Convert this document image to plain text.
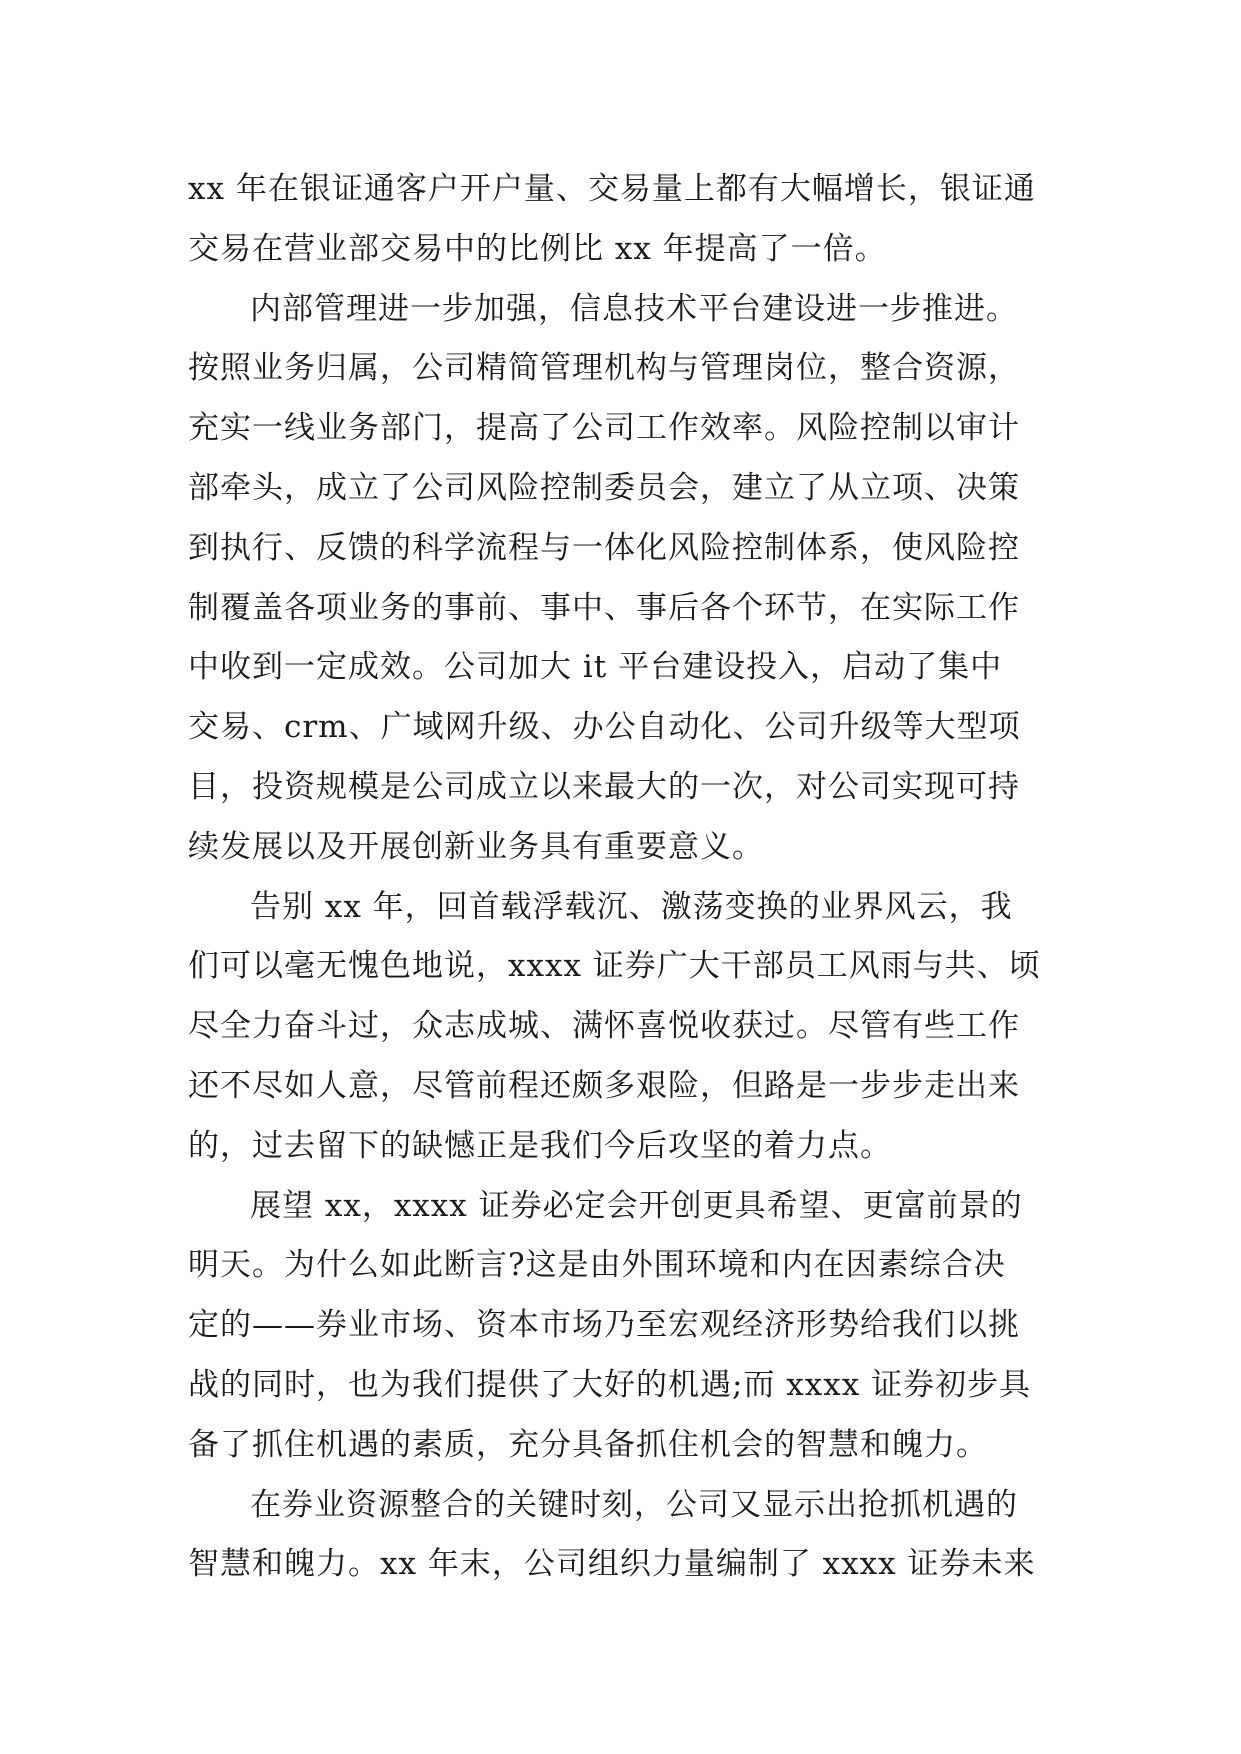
xx 年在银证通客户开户量、交易量上都有大幅增长，银证通
交易在营业部交易中的比例比 xx 年提高了一倍。
内部管理进一步加强，信息技术平台建设进一步推进。
按照业务归属，公司精简管理机构与管理岗位，整合资源，
充实一线业务部门，提高了公司工作效率。风险控制以审计
部牵头，成立了公司风险控制委员会，建立了从立项、决策
到执行、反馈的科学流程与一体化风险控制体系，使风险控
制覆盖各项业务的事前、事中、事后各个环节，在实际工作
中收到一定成效。公司加大 it 平台建设投入，启动了集中
交易、crm、广域网升级、办公自动化、公司升级等大型项
目，投资规模是公司成立以来最大的一次，对公司实现可持
续发展以及开展创新业务具有重要意义。
告别 xx 年，回首载浮载沉、激荡变换的业界风云，我
们可以毫无愧色地说，xxxx 证券广大干部员工风雨与共、顷
尽全力奋斗过，众志成城、满怀喜悦收获过。尽管有些工作
还不尽如人意，尽管前程还颇多艰险，但路是一步步走出来
的，过去留下的缺憾正是我们今后攻坚的着力点。
展望 xx，xxxx 证券必定会开创更具希望、更富前景的
明天。为什么如此断言?这是由外围环境和内在因素综合决
定的——券业市场、资本市场乃至宏观经济形势给我们以挑
战的同时，也为我们提供了大好的机遇;而 xxxx 证券初步具
备了抓住机遇的素质，充分具备抓住机会的智慧和魄力。
在券业资源整合的关键时刻，公司又显示出抢抓机遇的
智慧和魄力。xx 年末，公司组织力量编制了 xxxx 证券未来
